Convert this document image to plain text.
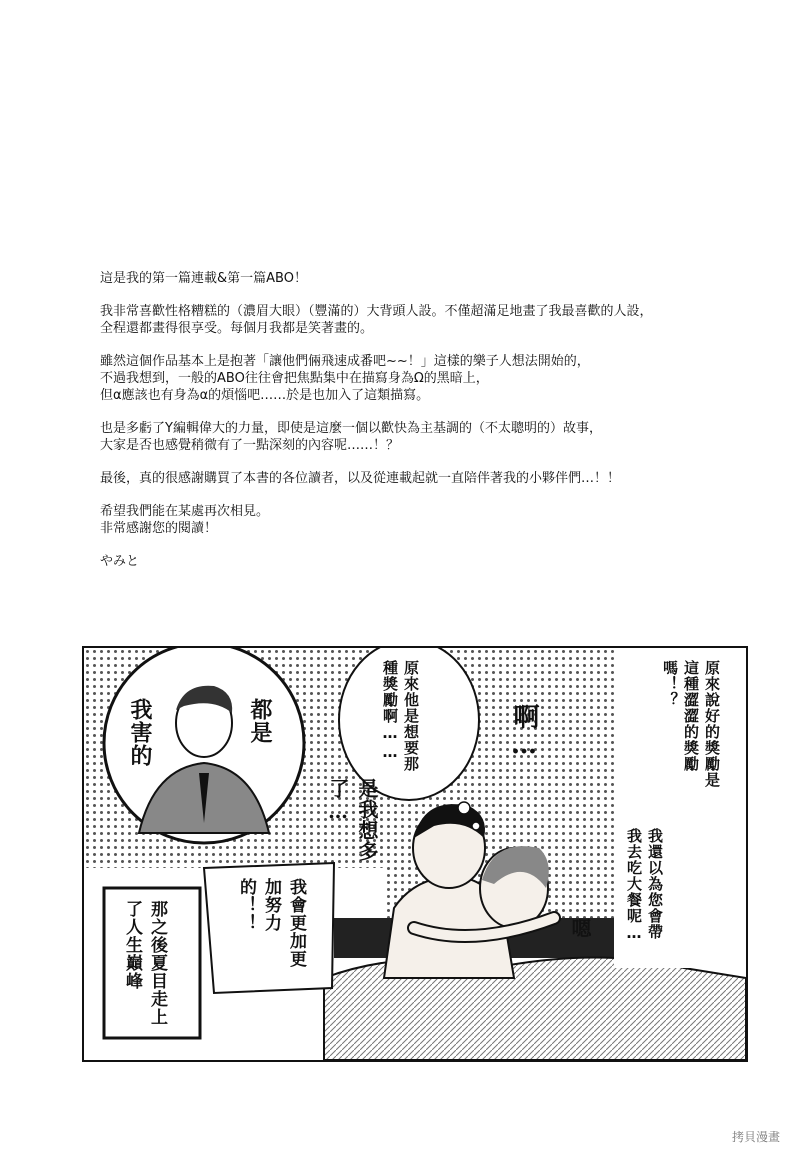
這是我的第一篇連載&第一篇ABO！

我非常喜歡性格糟糕的（濃眉大眼）（豐滿的）大背頭人設。不僅超滿足地畫了我最喜歡的人設，
全程還都畫得很享受。每個月我都是笑著畫的。

雖然這個作品基本上是抱著「讓他們倆飛速成番吧~~！」這樣的樂子人想法開始的，
不過我想到，一般的ABO往往會把焦點集中在描寫身為Ω的黑暗上，
但α應該也有身為α的煩惱吧……於是也加入了這類描寫。

也是多虧了Y編輯偉大的力量，即使是這麼一個以歡快為主基調的（不太聰明的）故事，
大家是否也感覺稍微有了一點深刻的內容呢……！？

最後，真的很感謝購買了本書的各位讀者，以及從連載起就一直陪伴著我的小夥伴們…！！

希望我們能在某處再次相見。
非常感謝您的閱讀！

やみと

都是
我害的	原來他是想要那種獎勵啊……	啊…
是我想多了…
原來說好的獎勵是這種澀澀的獎勵嗎！？
我還以為您會帶我去吃大餐呢…
我會更加更加努力的！！
那之後夏目走上了人生巔峰	嗯
拷貝漫畫
